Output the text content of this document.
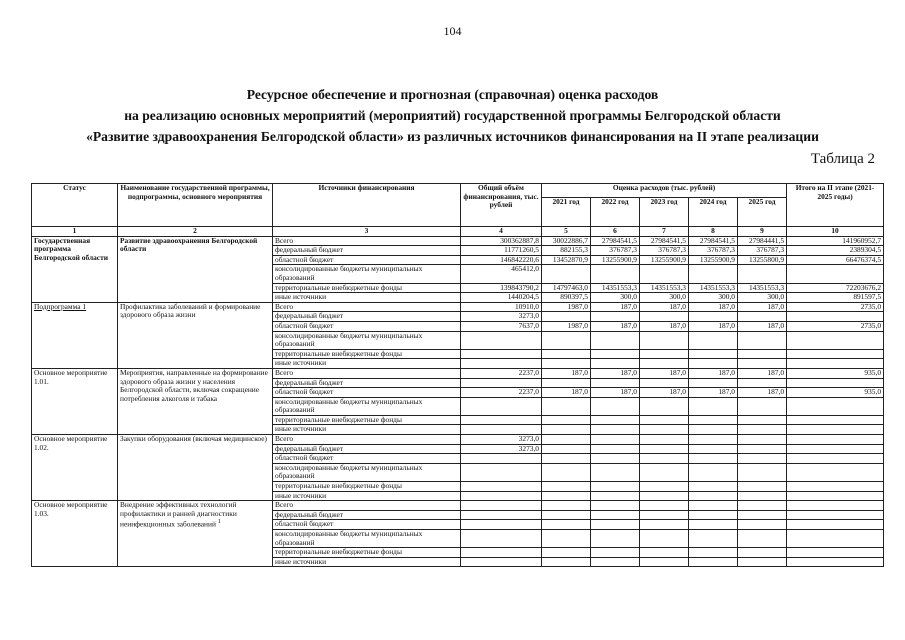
104
Ресурсное обеспечение и прогнозная (справочная) оценка расходов
на реализацию основных мероприятий (мероприятий) государственной программы Белгородской области
«Развитие здравоохранения Белгородской области» из различных источников финансирования на II этапе реализации
Таблица 2
Статус	Наименование государственной программы, подпрограммы, основного мероприятия	Источники финансирования	Общий объём финансирования, тыс. рублей	Оценка расходов (тыс. рублей)					Итого на II этапе (2021-2025 годы)
				2021 год	2022 год	2023 год	2024 год	2025 год	
1	2	3	4	5	6	7	8	9	10
Государственная программа Белгородской области	Развитие здравоохранения Белгородской области	Всего	300362887,8	30022886,7	27984541,5	27984541,5	27984541,5	27984441,5	141960952,7
		федеральный бюджет	11771260,5	882155,3	376787,3	376787,3	376787,3	376787,3	2389304,5
		областной бюджет	146842220,6	13452870,9	13255900,9	13255900,9	13255900,9	13255800,9	66476374,5
		консолидированные бюджеты муниципальных образований	465412,0						
		территориальные внебюджетные фонды	139843790,2	14797463,0	14351553,3	14351553,3	14351553,3	14351553,3	72203676,2
		иные источники	1440204,5	890397,5	300,0	300,0	300,0	300,0	891597,5
Подпрограмма 1	Профилактика заболеваний и формирование здорового образа жизни	Всего	10910,0	1987,0	187,0	187,0	187,0	187,0	2735,0
		федеральный бюджет	3273,0						
		областной бюджет	7637,0	1987,0	187,0	187,0	187,0	187,0	2735,0
		консолидированные бюджеты муниципальных образований							
		территориальные внебюджетные фонды							
		иные источники							
Основное мероприятие 1.01.	Мероприятия, направленные на формирование здорового образа жизни у населения Белгородской области, включая сокращение потребления алкоголя и табака	Всего	2237,0	187,0	187,0	187,0	187,0	187,0	935,0
		федеральный бюджет							
		областной бюджет	2237,0	187,0	187,0	187,0	187,0	187,0	935,0
		консолидированные бюджеты муниципальных образований							
		территориальные внебюджетные фонды							
		иные источники							
Основное мероприятие 1.02.	Закупки оборудования (включая медицинское)	Всего	3273,0						
		федеральный бюджет	3273,0						
		областной бюджет							
		консолидированные бюджеты муниципальных образований							
		территориальные внебюджетные фонды							
		иные источники							
Основное мероприятие 1.03.	Внедрение эффективных технологий профилактики и ранней диагностики неинфекционных заболеваний $^1$	Всего							
		федеральный бюджет							
		областной бюджет							
		консолидированные бюджеты муниципальных образований							
		территориальные внебюджетные фонды							
		иные источники							
